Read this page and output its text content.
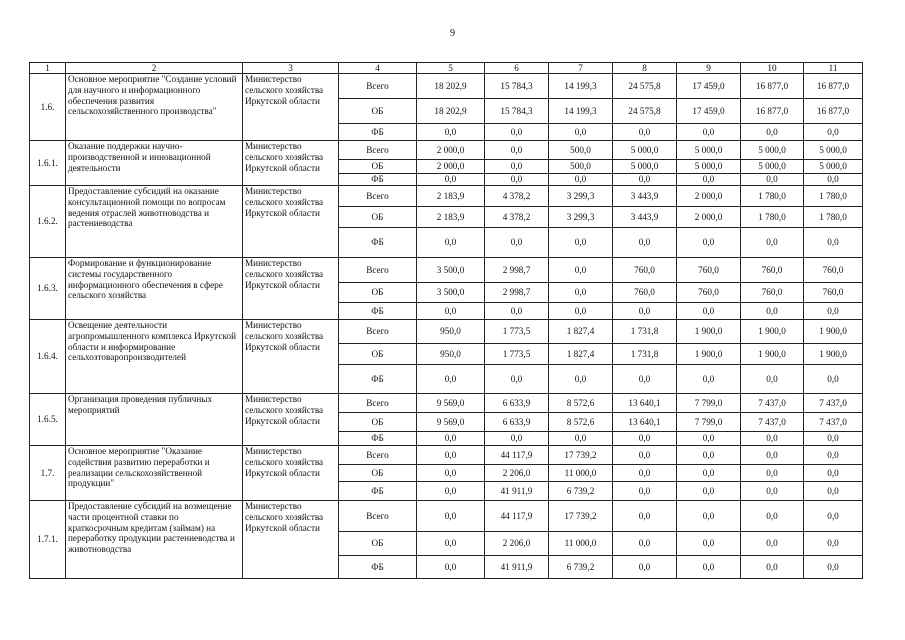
9
1	2	3	4	5	6	7	8	9	10	11
1.6.	Основное мероприятие "Создание условий для научного и информационного обеспечения развития сельскохозяйственного производства"	Министерство сельского хозяйства Иркутской области	Всего	18 202,9	15 784,3	14 199,3	24 575,8	17 459,0	16 877,0	16 877,0
			ОБ	18 202,9	15 784,3	14 199,3	24 575,8	17 459,0	16 877,0	16 877,0
			ФБ	0,0	0,0	0,0	0,0	0,0	0,0	0,0
1.6.1.	Оказание поддержки научно-производственной и инновационной деятельности	Министерство сельского хозяйства Иркутской области	Всего	2 000,0	0,0	500,0	5 000,0	5 000,0	5 000,0	5 000,0
			ОБ	2 000,0	0,0	500,0	5 000,0	5 000,0	5 000,0	5 000,0
			ФБ	0,0	0,0	0,0	0,0	0,0	0,0	0,0
1.6.2.	Предоставление субсидий на оказание консультационной помощи по вопросам ведения отраслей животноводства и растениеводства	Министерство сельского хозяйства Иркутской области	Всего	2 183,9	4 378,2	3 299,3	3 443,9	2 000,0	1 780,0	1 780,0
			ОБ	2 183,9	4 378,2	3 299,3	3 443,9	2 000,0	1 780,0	1 780,0
			ФБ	0,0	0,0	0,0	0,0	0,0	0,0	0,0
1.6.3.	Формирование и функционирование системы государственного информационного обеспечения в сфере сельского хозяйства	Министерство сельского хозяйства Иркутской области	Всего	3 500,0	2 998,7	0,0	760,0	760,0	760,0	760,0
			ОБ	3 500,0	2 998,7	0,0	760,0	760,0	760,0	760,0
			ФБ	0,0	0,0	0,0	0,0	0,0	0,0	0,0
1.6.4.	Освещение деятельности агропромышленного комплекса Иркутской области и информирование сельхозтоваропроизводителей	Министерство сельского хозяйства Иркутской области	Всего	950,0	1 773,5	1 827,4	1 731,8	1 900,0	1 900,0	1 900,0
			ОБ	950,0	1 773,5	1 827,4	1 731,8	1 900,0	1 900,0	1 900,0
			ФБ	0,0	0,0	0,0	0,0	0,0	0,0	0,0
1.6.5.	Организация проведения публичных мероприятий	Министерство сельского хозяйства Иркутской области	Всего	9 569,0	6 633,9	8 572,6	13 640,1	7 799,0	7 437,0	7 437,0
			ОБ	9 569,0	6 633,9	8 572,6	13 640,1	7 799,0	7 437,0	7 437,0
			ФБ	0,0	0,0	0,0	0,0	0,0	0,0	0,0
1.7.	Основное мероприятие "Оказание содействия развитию переработки и реализации сельскохозяйственной продукции"	Министерство сельского хозяйства Иркутской области	Всего	0,0	44 117,9	17 739,2	0,0	0,0	0,0	0,0
			ОБ	0,0	2 206,0	11 000,0	0,0	0,0	0,0	0,0
			ФБ	0,0	41 911,9	6 739,2	0,0	0,0	0,0	0,0
1.7.1.	Предоставление субсидий на возмещение части процентной ставки по краткосрочным кредитам (займам) на переработку продукции растениеводства и животноводства	Министерство сельского хозяйства Иркутской области	Всего	0,0	44 117,9	17 739,2	0,0	0,0	0,0	0,0
			ОБ	0,0	2 206,0	11 000,0	0,0	0,0	0,0	0,0
			ФБ	0,0	41 911,9	6 739,2	0,0	0,0	0,0	0,0
